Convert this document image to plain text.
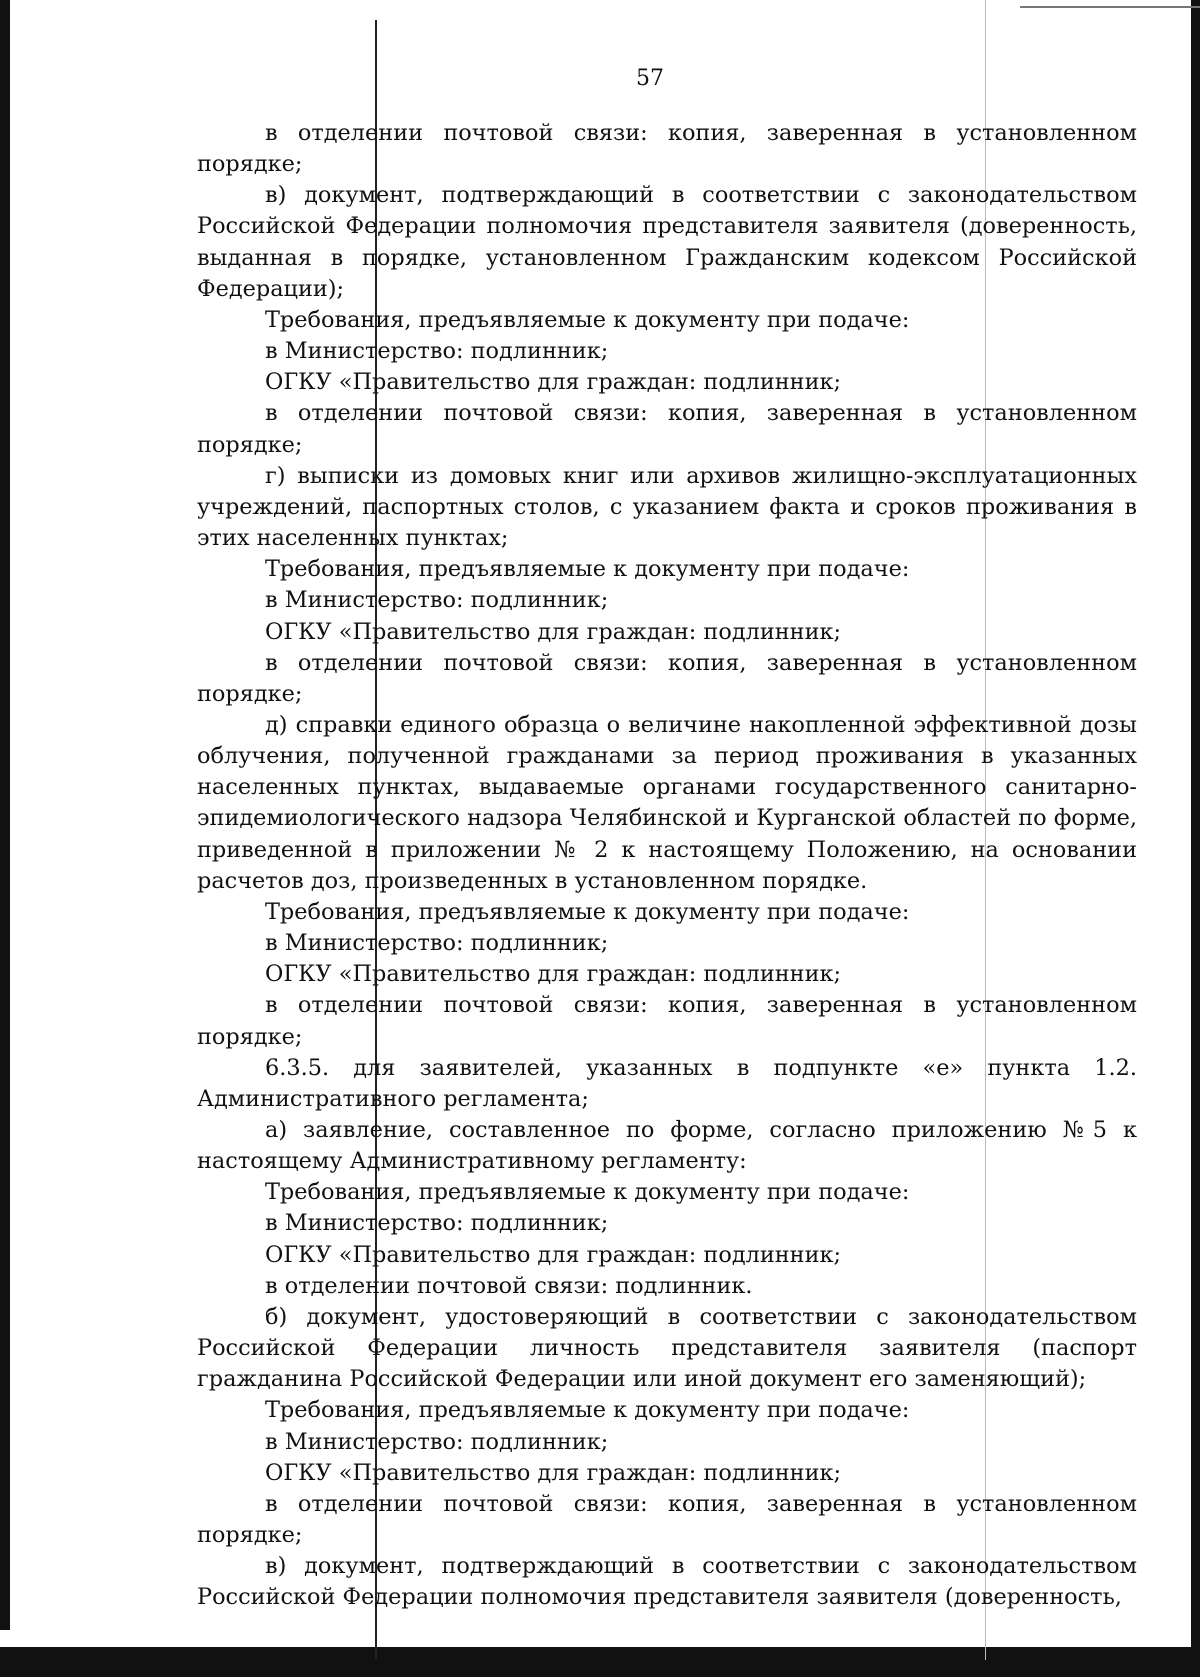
57

в отделении почтовой связи: копия, заверенная в установленном порядке;

в) документ, подтверждающий в соответствии с законодательством Российской Федерации полномочия представителя заявителя (доверенность, выданная в порядке, установленном Гражданским кодексом Российской Федерации);

Требования, предъявляемые к документу при подаче:

в Министерство: подлинник;

ОГКУ «Правительство для граждан: подлинник;

в отделении почтовой связи: копия, заверенная в установленном порядке;

г) выписки из домовых книг или архивов жилищно-эксплуатационных учреждений, паспортных столов, с указанием факта и сроков проживания в этих населенных пунктах;

Требования, предъявляемые к документу при подаче:

в Министерство: подлинник;

ОГКУ «Правительство для граждан: подлинник;

в отделении почтовой связи: копия, заверенная в установленном порядке;

д) справки единого образца о величине накопленной эффективной дозы облучения, полученной гражданами за период проживания в указанных населенных пунктах, выдаваемые органами государственного санитарно-эпидемиологического надзора Челябинской и Курганской областей по форме, приведенной в приложении № 2 к настоящему Положению, на основании расчетов доз, произведенных в установленном порядке.

Требования, предъявляемые к документу при подаче:

в Министерство: подлинник;

ОГКУ «Правительство для граждан: подлинник;

в отделении почтовой связи: копия, заверенная в установленном порядке;

6.3.5. для заявителей, указанных в подпункте «е» пункта 1.2. Административного регламента;

а) заявление, составленное по форме, согласно приложению №5 к настоящему Административному регламенту:

Требования, предъявляемые к документу при подаче:

в Министерство: подлинник;

ОГКУ «Правительство для граждан: подлинник;

в отделении почтовой связи: подлинник.

б) документ, удостоверяющий в соответствии с законодательством Российской Федерации личность представителя заявителя (паспорт гражданина Российской Федерации или иной документ его заменяющий);

Требования, предъявляемые к документу при подаче:

в Министерство: подлинник;

ОГКУ «Правительство для граждан: подлинник;

в отделении почтовой связи: копия, заверенная в установленном порядке;

в) документ, подтверждающий в соответствии с законодательством Российской Федерации полномочия представителя заявителя (доверенность,
